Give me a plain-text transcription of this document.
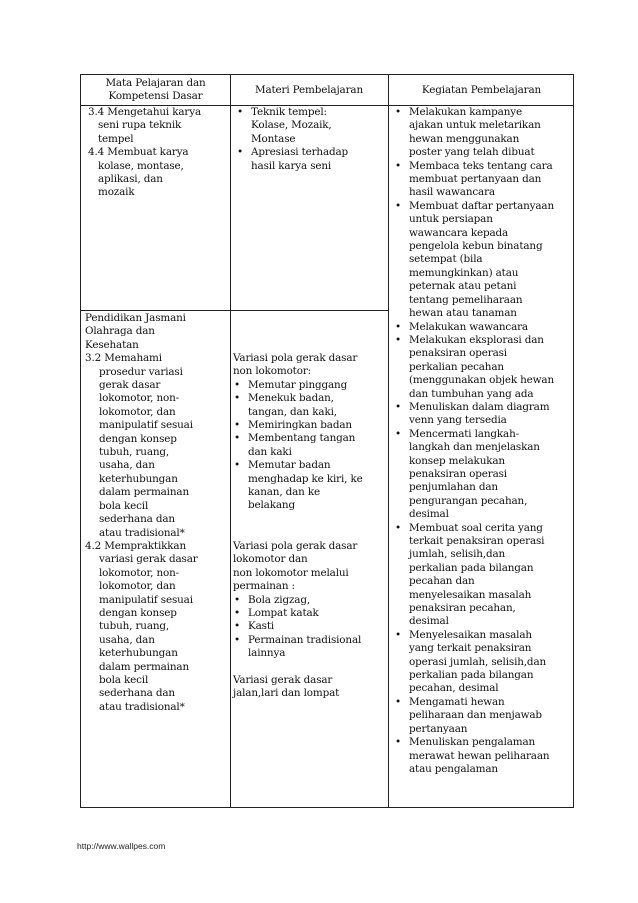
Mata Pelajaran dan
Kompetensi Dasar
Materi Pembelajaran	Kegiatan Pembelajaran
3.4 Mengetahui karya
seni rupa teknik
tempel
4.4 Membuat karya
kolase, montase,
aplikasi, dan
mozaik
• Teknik tempel:
Kolase, Mozaik,
Montase
• Apresiasi terhadap
hasil karya seni
Pendidikan Jasmani
Olahraga dan
Kesehatan
3.2 Memahami
prosedur variasi
gerak dasar
lokomotor, non-
lokomotor, dan
manipulatif sesuai
dengan konsep
tubuh, ruang,
usaha, dan
keterhubungan
dalam permainan
bola kecil
sederhana dan
atau tradisional*
4.2 Mempraktikkan
variasi gerak dasar
lokomotor, non-
lokomotor, dan
manipulatif sesuai
dengan konsep
tubuh, ruang,
usaha, dan
keterhubungan
dalam permainan
bola kecil
sederhana dan
atau tradisional*
Variasi pola gerak dasar
non lokomotor:
• Memutar pinggang
• Menekuk badan,
tangan, dan kaki,
• Memiringkan badan
• Membentang tangan
dan kaki
• Memutar badan
menghadap ke kiri, ke
kanan, dan ke
belakang
Variasi pola gerak dasar
lokomotor dan
non lokomotor melalui
permainan :
• Bola zigzag,
• Lompat katak
• Kasti
• Permainan tradisional
lainnya
Variasi gerak dasar
jalan,lari dan lompat
• Melakukan kampanye
ajakan untuk meletarikan
hewan menggunakan
poster yang telah dibuat
• Membaca teks tentang cara
membuat pertanyaan dan
hasil wawancara
• Membuat daftar pertanyaan
untuk persiapan
wawancara kepada
pengelola kebun binatang
setempat (bila
memungkinkan) atau
peternak atau petani
tentang pemeliharaan
hewan atau tanaman
• Melakukan wawancara
• Melakukan eksplorasi dan
penaksiran operasi
perkalian pecahan
(menggunakan objek hewan
dan tumbuhan yang ada
• Menuliskan dalam diagram
venn yang tersedia
• Mencermati langkah-
langkah dan menjelaskan
konsep melakukan
penaksiran operasi
penjumlahan dan
pengurangan pecahan,
desimal
• Membuat soal cerita yang
terkait penaksiran operasi
jumlah, selisih,dan
perkalian pada bilangan
pecahan dan
menyelesaikan masalah
penaksiran pecahan,
desimal
• Menyelesaikan masalah
yang terkait penaksiran
operasi jumlah, selisih,dan
perkalian pada bilangan
pecahan, desimal
• Mengamati hewan
peliharaan dan menjawab
pertanyaan
• Menuliskan pengalaman
merawat hewan peliharaan
atau pengalaman
http://www.wallpes.com
